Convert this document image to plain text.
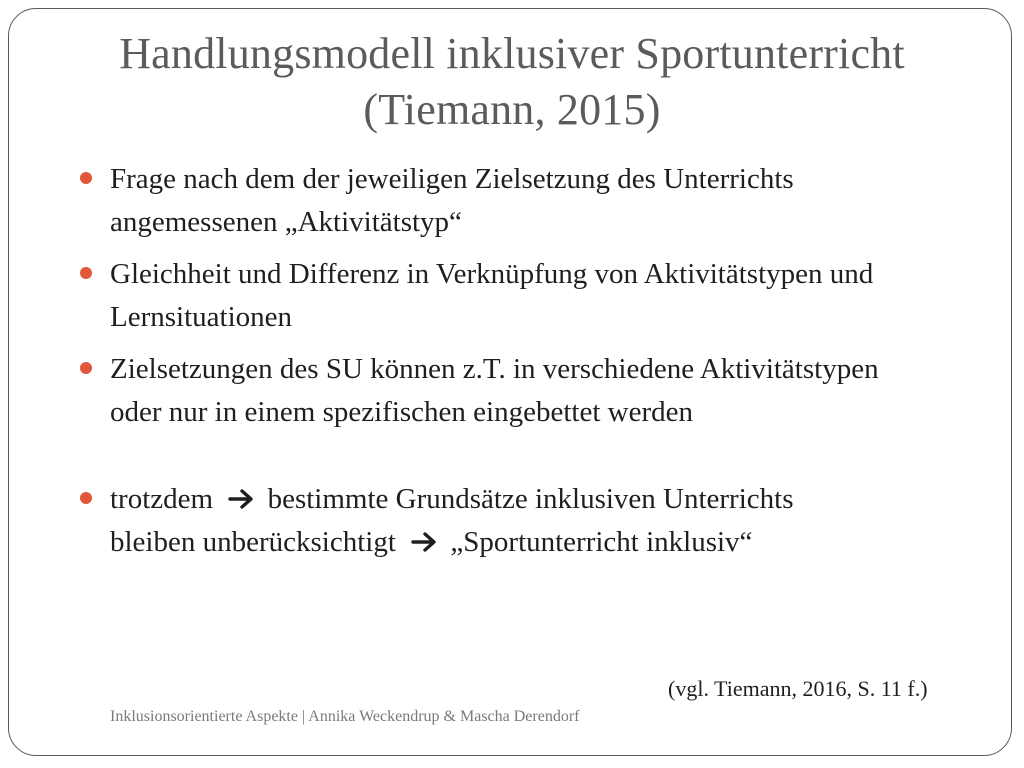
Handlungsmodell inklusiver Sportunterricht
(Tiemann, 2015)
Frage nach dem der jeweiligen Zielsetzung des Unterrichts
angemessenen „Aktivitätstyp“
Gleichheit und Differenz in Verknüpfung von Aktivitätstypen und
Lernsituationen
Zielsetzungen des SU können z.T. in verschiedene Aktivitätstypen
oder nur in einem spezifischen eingebettet werden
trotzdem bestimmte Grundsätze inklusiven Unterrichts
bleiben unberücksichtigt „Sportunterricht inklusiv“
(vgl. Tiemann, 2016, S. 11 f.)
Inklusionsorientierte Aspekte | Annika Weckendrup & Mascha Derendorf
